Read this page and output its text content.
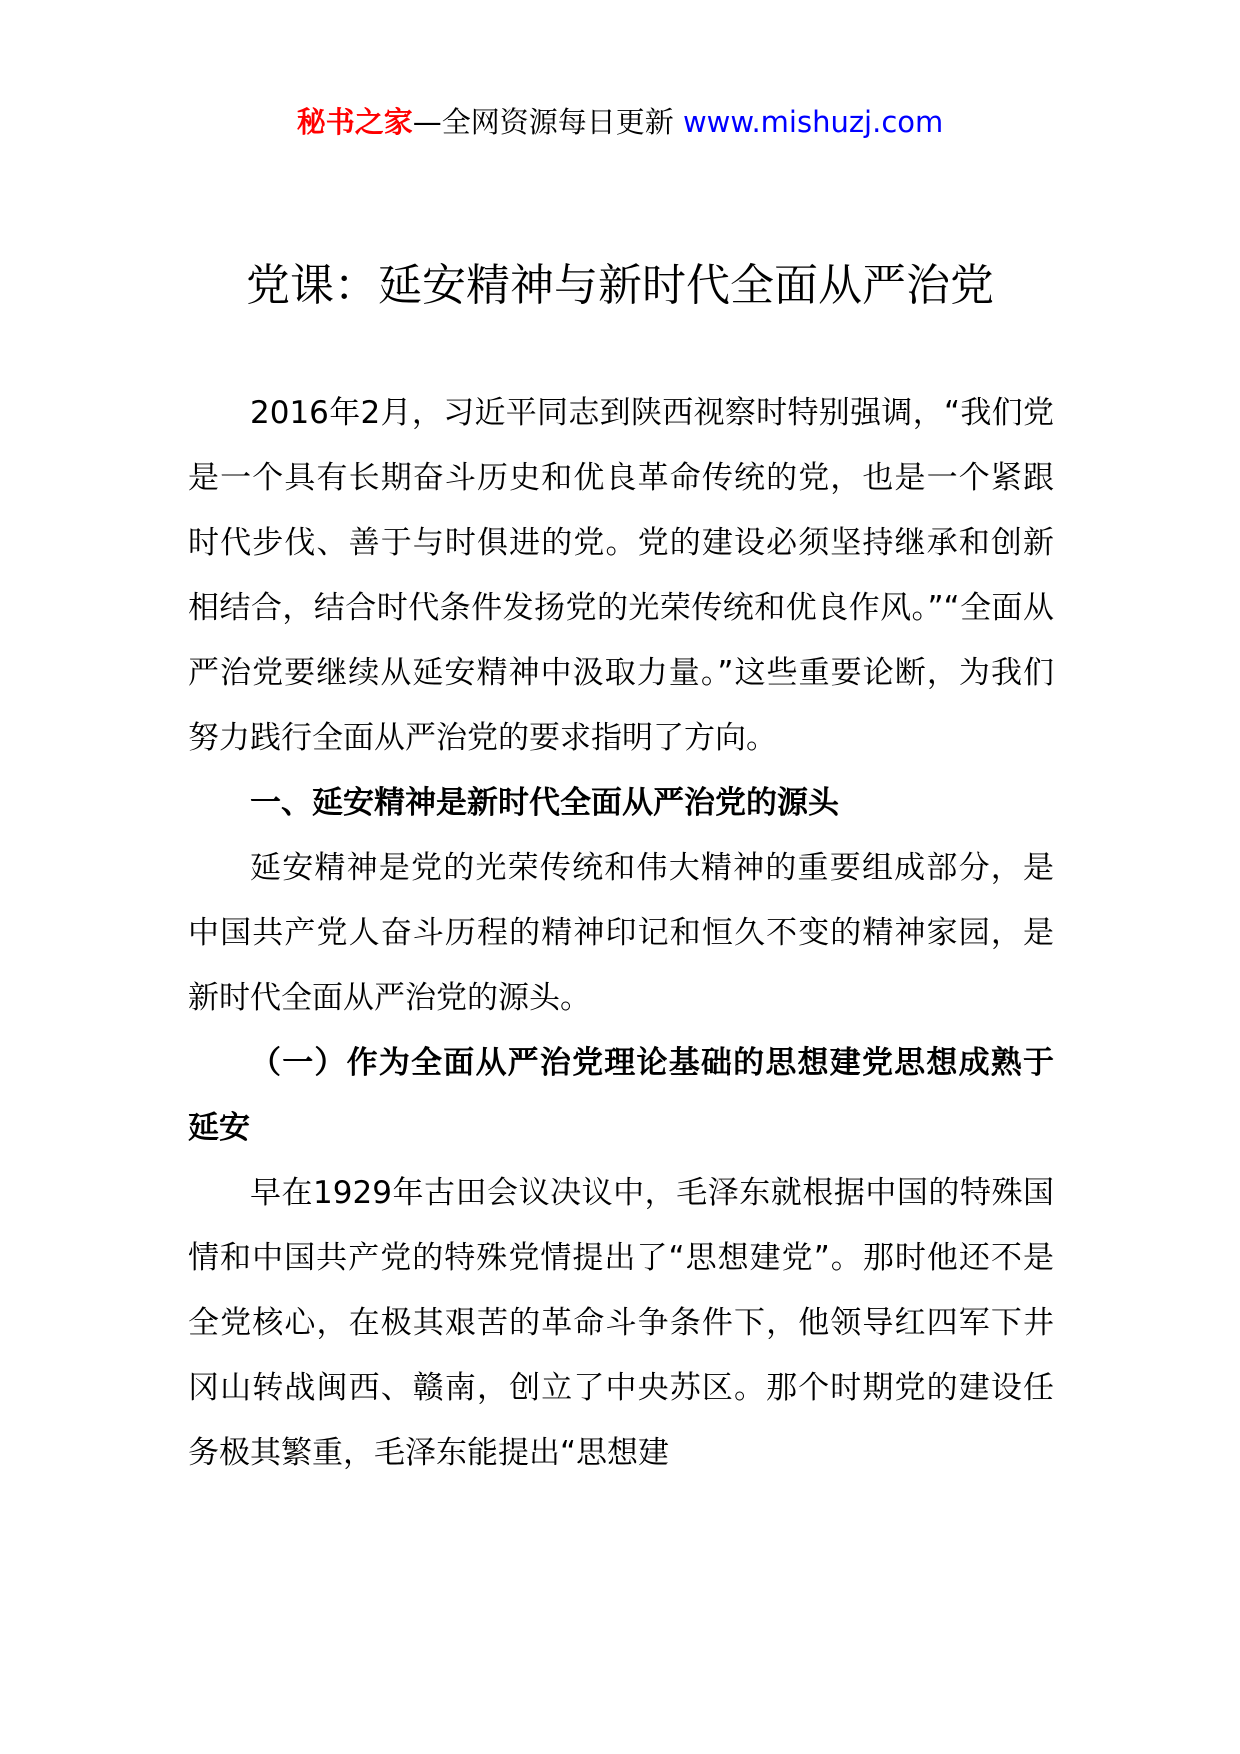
秘书之家—全网资源每日更新 www.mishuzj.com
党课：延安精神与新时代全面从严治党

2016年2月，习近平同志到陕西视察时特别强调，“我们党是一个具有长期奋斗历史和优良革命传统的党，也是一个紧跟时代步伐、善于与时俱进的党。党的建设必须坚持继承和创新相结合，结合时代条件发扬党的光荣传统和优良作风。”“全面从严治党要继续从延安精神中汲取力量。”这些重要论断，为我们努力践行全面从严治党的要求指明了方向。

一、延安精神是新时代全面从严治党的源头

延安精神是党的光荣传统和伟大精神的重要组成部分，是中国共产党人奋斗历程的精神印记和恒久不变的精神家园，是新时代全面从严治党的源头。

（一）作为全面从严治党理论基础的思想建党思想成熟于延安

早在1929年古田会议决议中，毛泽东就根据中国的特殊国情和中国共产党的特殊党情提出了“思想建党”。那时他还不是全党核心，在极其艰苦的革命斗争条件下，他领导红四军下井冈山转战闽西、赣南，创立了中央苏区。那个时期党的建设任务极其繁重，毛泽东能提出“思想建
